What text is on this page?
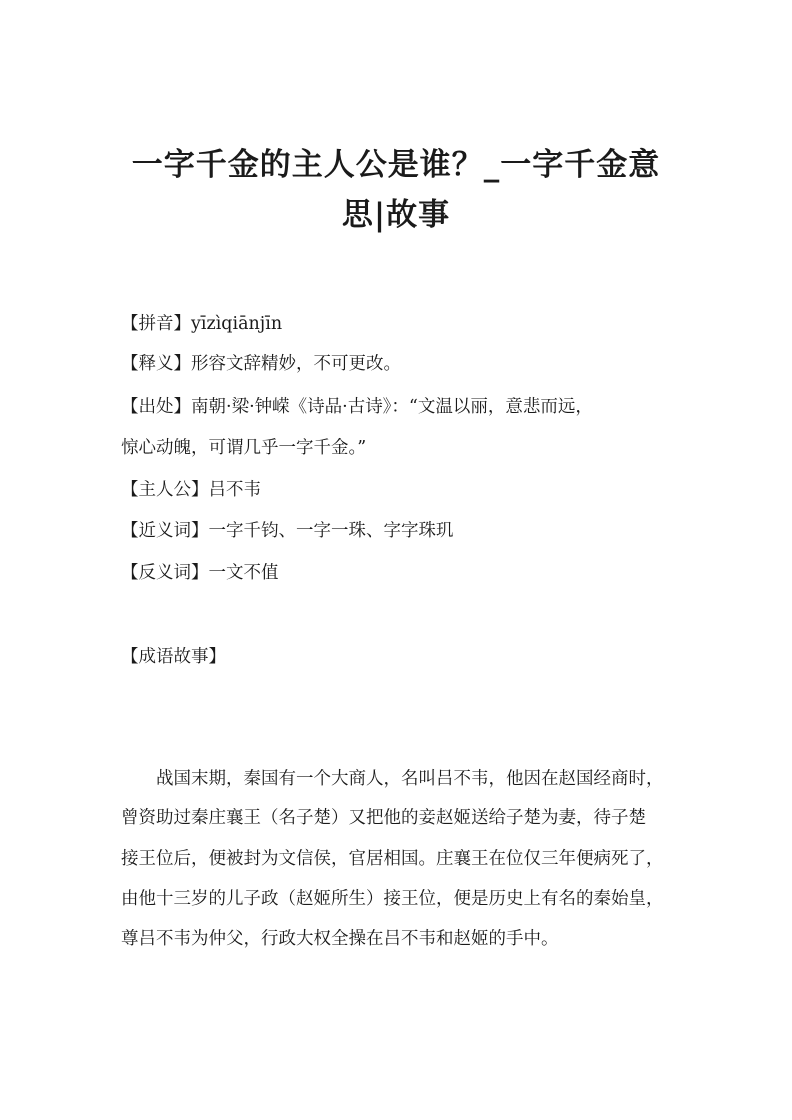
一字千金的主人公是谁？_一字千金意思|故事

【拼音】yīzìqiānjīn

【释义】形容文辞精妙，不可更改。

【出处】南朝·梁·钟嵘《诗品·古诗》：“文温以丽，意悲而远，

惊心动魄，可谓几乎一字千金。”

【主人公】吕不韦

【近义词】一字千钧、一字一珠、字字珠玑

【反义词】一文不值

【成语故事】

　　战国末期，秦国有一个大商人，名叫吕不韦，他因在赵国经商时，
曾资助过秦庄襄王（名子楚）又把他的妾赵姬送给子楚为妻，待子楚
接王位后，便被封为文信侯，官居相国。庄襄王在位仅三年便病死了，
由他十三岁的儿子政（赵姬所生）接王位，便是历史上有名的秦始皇，
尊吕不韦为仲父，行政大权全操在吕不韦和赵姬的手中。
